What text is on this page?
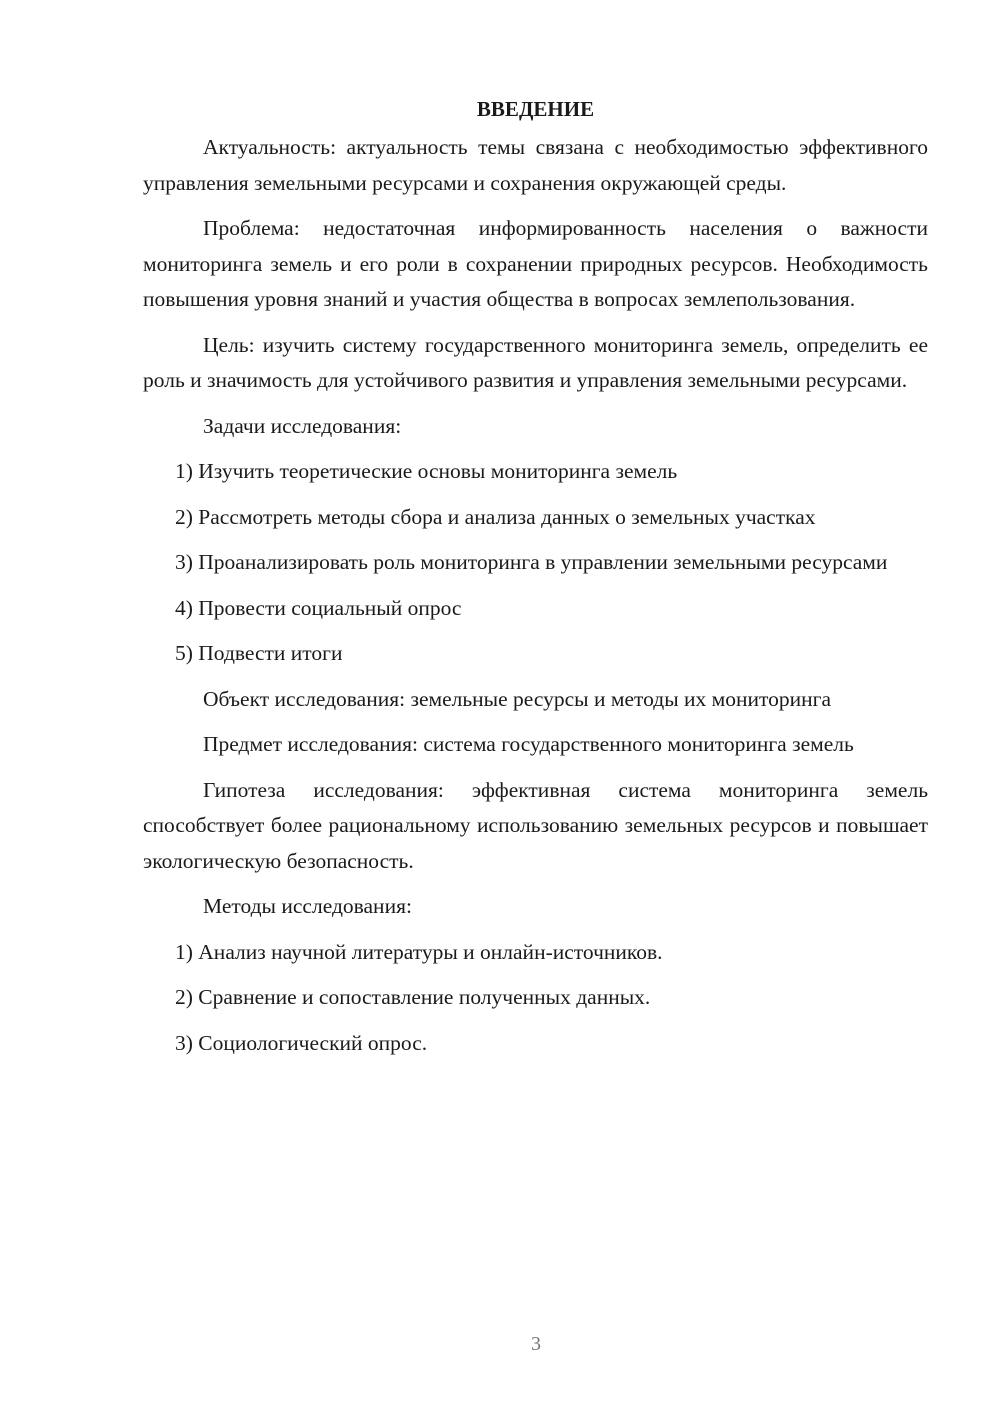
ВВЕДЕНИЕ

Актуальность: актуальность темы связана с необходимостью эффективного управления земельными ресурсами и сохранения окружающей среды.

Проблема: недостаточная информированность населения о важности мониторинга земель и его роли в сохранении природных ресурсов. Необходимость повышения уровня знаний и участия общества в вопросах землепользования.

Цель: изучить систему государственного мониторинга земель, определить ее роль и значимость для устойчивого развития и управления земельными ресурсами.

Задачи исследования:

1) Изучить теоретические основы мониторинга земель

2) Рассмотреть методы сбора и анализа данных о земельных участках

3) Проанализировать роль мониторинга в управлении земельными ресурсами

4) Провести социальный опрос

5) Подвести итоги

Объект исследования: земельные ресурсы и методы их мониторинга

Предмет исследования: система государственного мониторинга земель

Гипотеза исследования: эффективная система мониторинга земель способствует более рациональному использованию земельных ресурсов и повышает экологическую безопасность.

Методы исследования:

1) Анализ научной литературы и онлайн-источников.

2) Сравнение и сопоставление полученных данных.

3) Социологический опрос.

3
